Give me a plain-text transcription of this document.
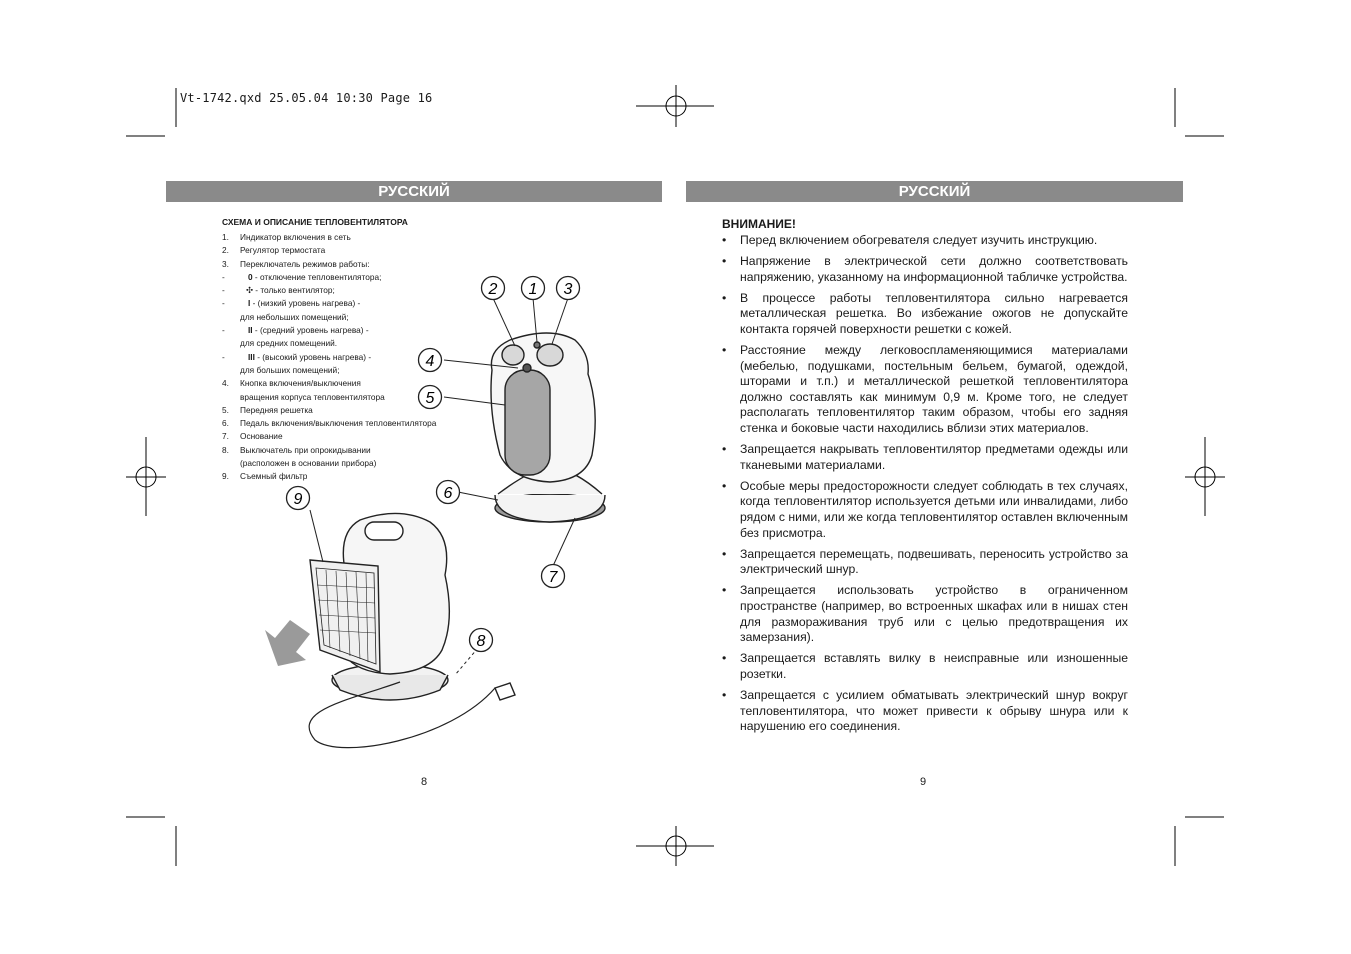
Vt-1742.qxd 25.05.04 10:30 Page 16
РУССКИЙ	РУССКИЙ
СХЕМА И ОПИСАНИЕ ТЕПЛОВЕНТИЛЯТОРА
1.	Индикатор включения в сеть
2.	Регулятор термостата
3.	Переключатель режимов работы:
-	0 - отключение тепловентилятора;
-	✣ - только вентилятор;
-	I - (низкий уровень нагрева) -
для небольших помещений;
-	II - (средний уровень нагрева) -
для средних помещений.
-	III - (высокий уровень нагрева) -
для больших помещений;
4.	Кнопка включения/выключения
вращения корпуса тепловентилятора
5.	Передняя решетка
6.	Педаль включения/выключения тепловентилятора
7.	Основание
8.	Выключатель при опрокидывании
(расположен в основании прибора)
9.	Съемный фильтр
2 1 3
4
5
6
7
8
9
8
ВНИМАНИЕ!
•	Перед включением обогревателя следует изучить инструкцию.
•	Напряжение в электрической сети должно соответствовать напряжению, указанному на информационной табличке устройства.
•	В процессе работы тепловентилятора сильно нагревается металлическая решетка. Во избежание ожогов не допускайте контакта горячей поверхности решетки с кожей.
•	Расстояние между легковоспламеняющимися материалами (мебелью, подушками, постельным бельем, бумагой, одеждой, шторами и т.п.) и металлической решеткой тепловентилятора должно составлять как минимум 0,9 м. Кроме того, не следует располагать тепловентилятор таким образом, чтобы его задняя стенка и боковые части находились вблизи этих материалов.
•	Запрещается накрывать тепловентилятор предметами одежды или тканевыми материалами.
•	Особые меры предосторожности следует соблюдать в тех случаях, когда тепловентилятор используется детьми или инвалидами, либо рядом с ними, или же когда тепловентилятор оставлен включенным без присмотра.
•	Запрещается перемещать, подвешивать, переносить устройство за электрический шнур.
•	Запрещается использовать устройство в ограниченном пространстве (например, во встроенных шкафах или в нишах стен для размораживания труб или с целью предотвращения их замерзания).
•	Запрещается вставлять вилку в неисправные или изношенные розетки.
•	Запрещается с усилием обматывать электрический шнур вокруг тепловентилятора, что может привести к обрыву шнура или к нарушению его соединения.
9
